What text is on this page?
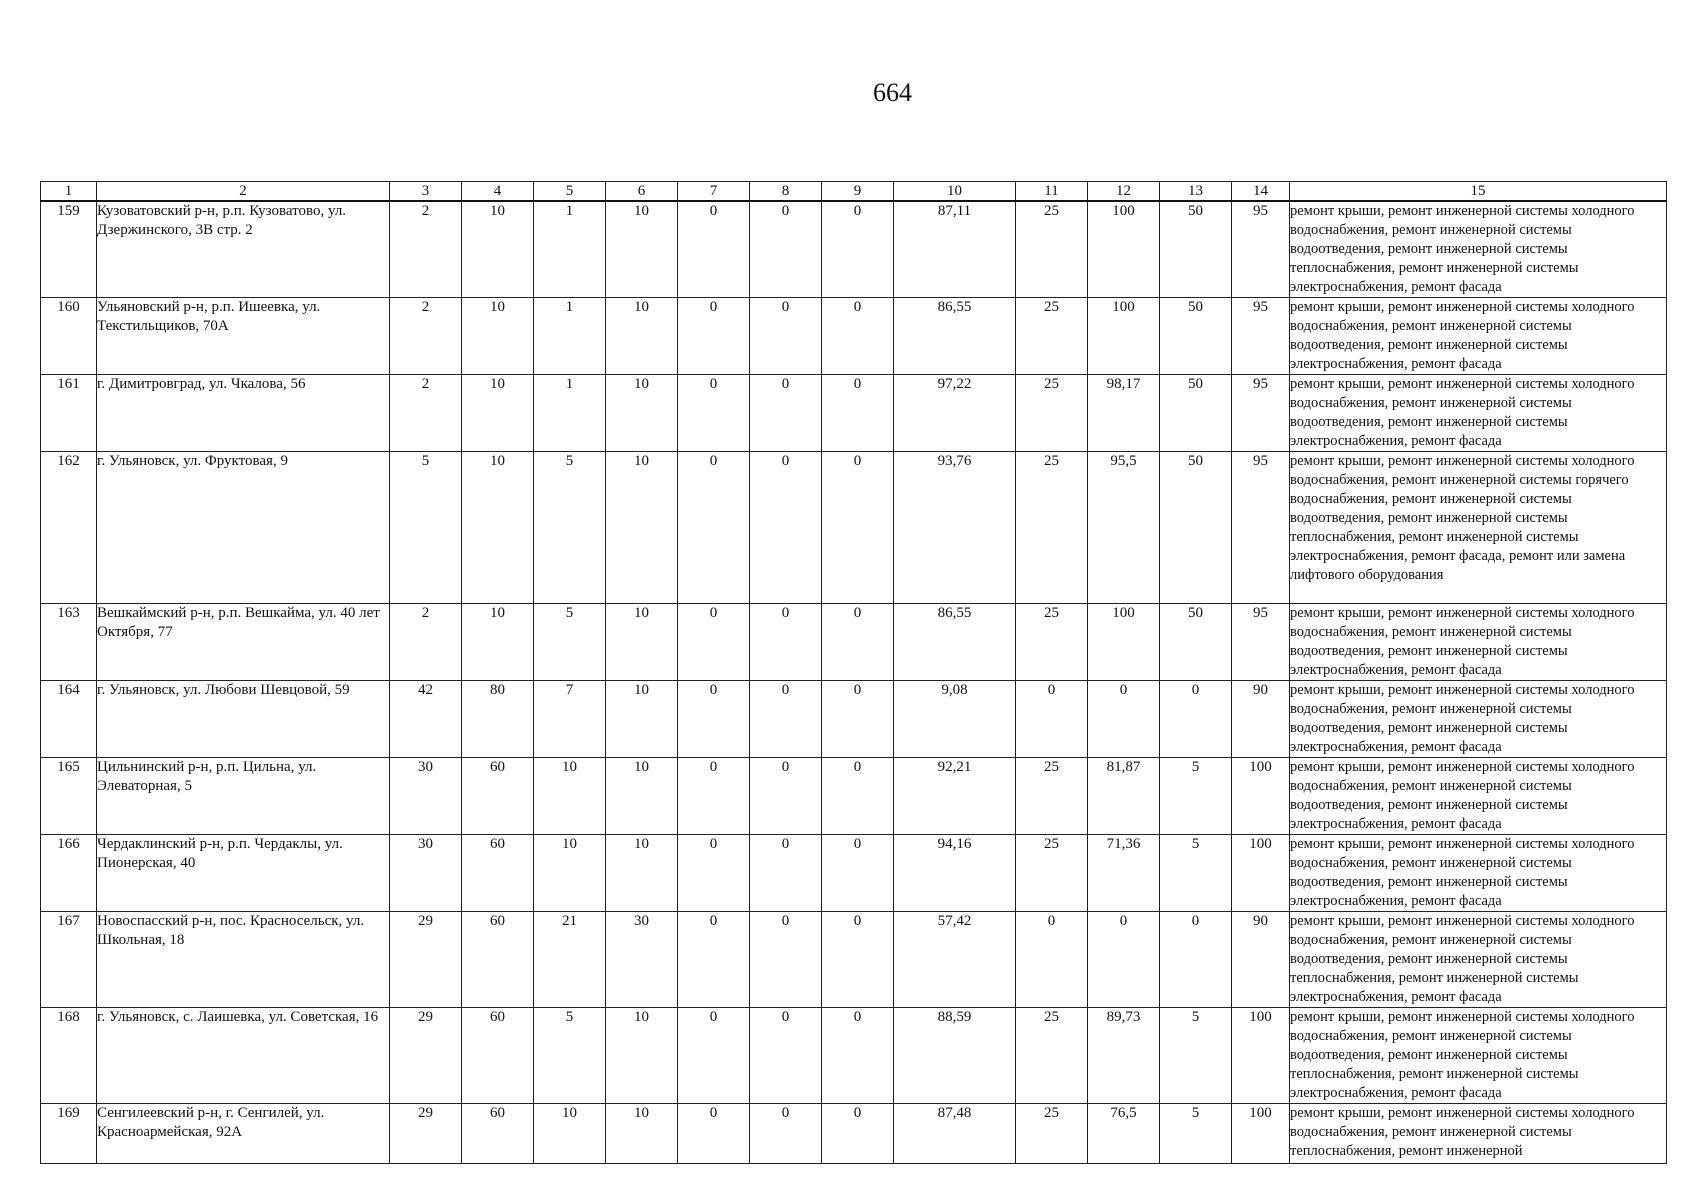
664
1	2	3	4	5	6	7	8	9	10	11	12	13	14	15
159	Кузоватовский р-н, р.п. Кузоватово, ул. Дзержинского, 3В стр. 2	2	10	1	10	0	0	0	87,11	25	100	50	95	ремонт крыши, ремонт инженерной системы холодного водоснабжения, ремонт инженерной системы водоотведения, ремонт инженерной системы теплоснабжения, ремонт инженерной системы электроснабжения, ремонт фасада
160	Ульяновский р-н, р.п. Ишеевка, ул. Текстильщиков, 70А	2	10	1	10	0	0	0	86,55	25	100	50	95	ремонт крыши, ремонт инженерной системы холодного водоснабжения, ремонт инженерной системы водоотведения, ремонт инженерной системы электроснабжения, ремонт фасада
161	г. Димитровград, ул. Чкалова, 56	2	10	1	10	0	0	0	97,22	25	98,17	50	95	ремонт крыши, ремонт инженерной системы холодного водоснабжения, ремонт инженерной системы водоотведения, ремонт инженерной системы электроснабжения, ремонт фасада
162	г. Ульяновск, ул. Фруктовая, 9	5	10	5	10	0	0	0	93,76	25	95,5	50	95	ремонт крыши, ремонт инженерной системы холодного водоснабжения, ремонт инженерной системы горячего водоснабжения, ремонт инженерной системы водоотведения, ремонт инженерной системы теплоснабжения, ремонт инженерной системы электроснабжения, ремонт фасада, ремонт или замена лифтового оборудования
163	Вешкаймский р-н, р.п. Вешкайма, ул. 40 лет Октября, 77	2	10	5	10	0	0	0	86,55	25	100	50	95	ремонт крыши, ремонт инженерной системы холодного водоснабжения, ремонт инженерной системы водоотведения, ремонт инженерной системы электроснабжения, ремонт фасада
164	г. Ульяновск, ул. Любови Шевцовой, 59	42	80	7	10	0	0	0	9,08	0	0	0	90	ремонт крыши, ремонт инженерной системы холодного водоснабжения, ремонт инженерной системы водоотведения, ремонт инженерной системы электроснабжения, ремонт фасада
165	Цильнинский р-н, р.п. Цильна, ул. Элеваторная, 5	30	60	10	10	0	0	0	92,21	25	81,87	5	100	ремонт крыши, ремонт инженерной системы холодного водоснабжения, ремонт инженерной системы водоотведения, ремонт инженерной системы электроснабжения, ремонт фасада
166	Чердаклинский р-н, р.п. Чердаклы, ул. Пионерская, 40	30	60	10	10	0	0	0	94,16	25	71,36	5	100	ремонт крыши, ремонт инженерной системы холодного водоснабжения, ремонт инженерной системы водоотведения, ремонт инженерной системы электроснабжения, ремонт фасада
167	Новоспасский р-н, пос. Красносельск, ул. Школьная, 18	29	60	21	30	0	0	0	57,42	0	0	0	90	ремонт крыши, ремонт инженерной системы холодного водоснабжения, ремонт инженерной системы водоотведения, ремонт инженерной системы теплоснабжения, ремонт инженерной системы электроснабжения, ремонт фасада
168	г. Ульяновск, с. Лаишевка, ул. Советская, 16	29	60	5	10	0	0	0	88,59	25	89,73	5	100	ремонт крыши, ремонт инженерной системы холодного водоснабжения, ремонт инженерной системы водоотведения, ремонт инженерной системы теплоснабжения, ремонт инженерной системы электроснабжения, ремонт фасада
169	Сенгилеевский р-н, г. Сенгилей, ул. Красноармейская, 92А	29	60	10	10	0	0	0	87,48	25	76,5	5	100	ремонт крыши, ремонт инженерной системы холодного водоснабжения, ремонт инженерной системы теплоснабжения, ремонт инженерной
